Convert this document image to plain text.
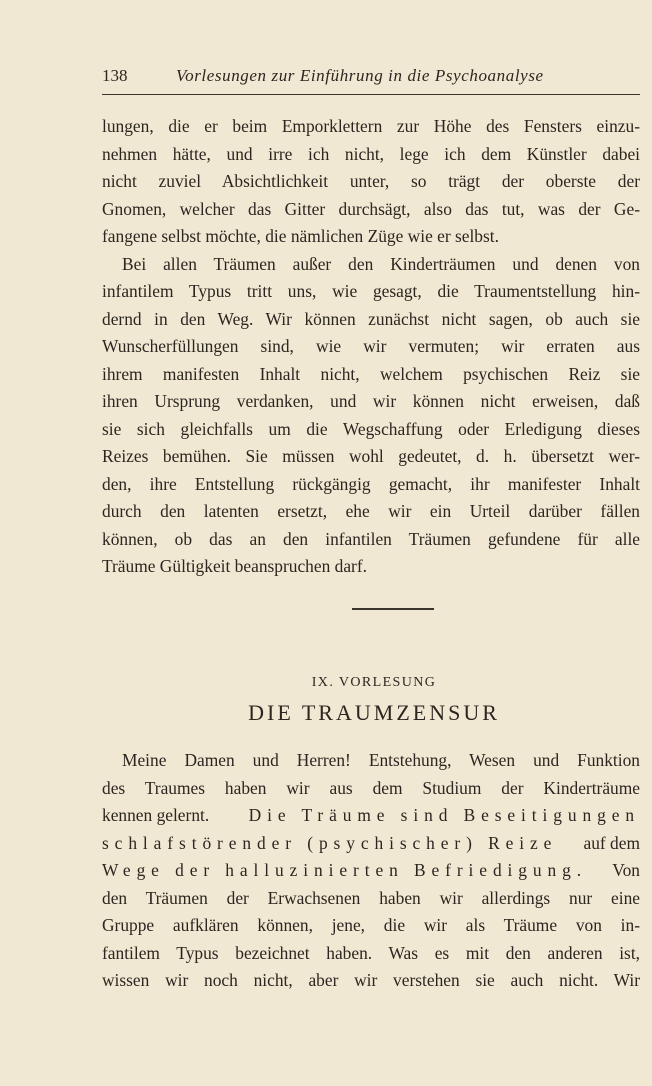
138	Vorlesungen zur Einführung in die Psychoanalyse
lungen, die er beim Emporklettern zur Höhe des Fensters einzu-
nehmen hätte, und irre ich nicht, lege ich dem Künstler dabei
nicht zuviel Absichtlichkeit unter, so trägt der oberste der
Gnomen, welcher das Gitter durchsägt, also das tut, was der Ge-
fangene selbst möchte, die nämlichen Züge wie er selbst.
Bei allen Träumen außer den Kinderträumen und denen von
infantilem Typus tritt uns, wie gesagt, die Traumentstellung hin-
dernd in den Weg. Wir können zunächst nicht sagen, ob auch sie
Wunscherfüllungen sind, wie wir vermuten; wir erraten aus
ihrem manifesten Inhalt nicht, welchem psychischen Reiz sie
ihren Ursprung verdanken, und wir können nicht erweisen, daß
sie sich gleichfalls um die Wegschaffung oder Erledigung dieses
Reizes bemühen. Sie müssen wohl gedeutet, d. h. übersetzt wer-
den, ihre Entstellung rückgängig gemacht, ihr manifester Inhalt
durch den latenten ersetzt, ehe wir ein Urteil darüber fällen
können, ob das an den infantilen Träumen gefundene für alle
Träume Gültigkeit beanspruchen darf.
IX. VORLESUNG
DIE TRAUMZENSUR
Meine Damen und Herren! Entstehung, Wesen und Funktion
des Traumes haben wir aus dem Studium der Kinderträume
kennen gelernt. Die Träume sind Beseitigungen
schlafstörender (psychischer) Reize auf dem
Wege der halluzinierten Befriedigung. Von
den Träumen der Erwachsenen haben wir allerdings nur eine
Gruppe aufklären können, jene, die wir als Träume von in-
fantilem Typus bezeichnet haben. Was es mit den anderen ist,
wissen wir noch nicht, aber wir verstehen sie auch nicht. Wir
